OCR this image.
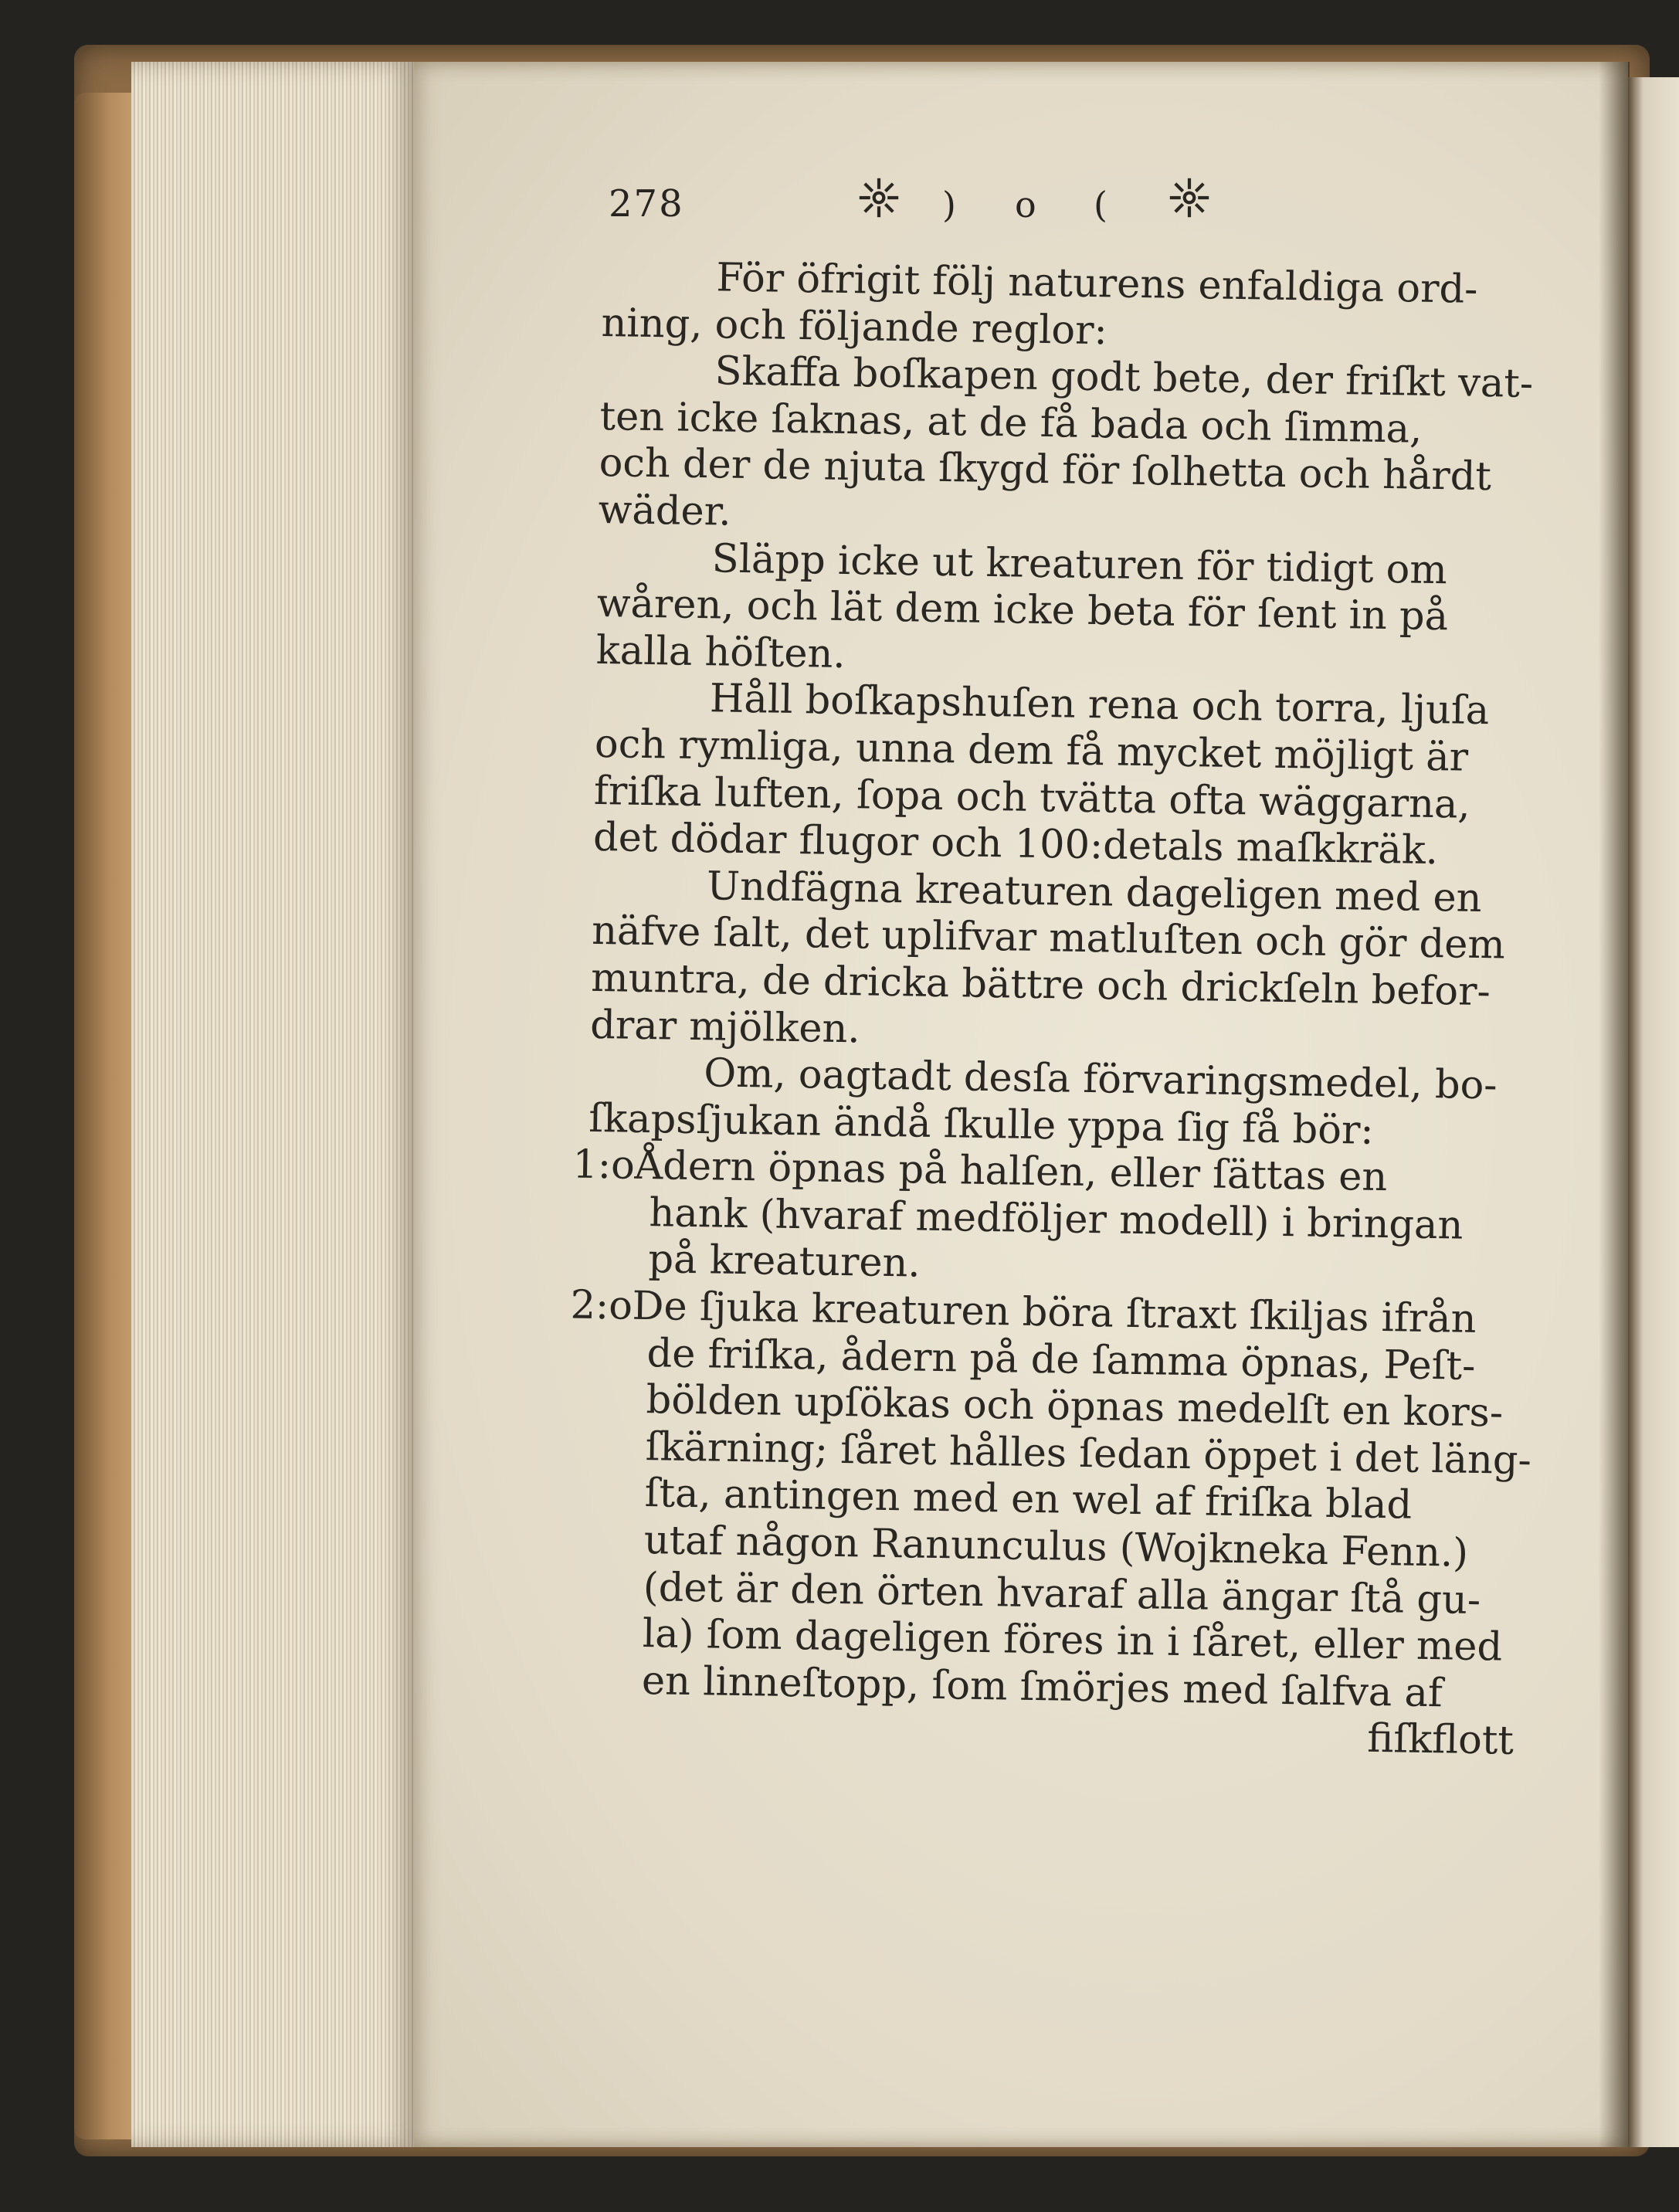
278	) o (
För öfrigit följ naturens enfaldiga ord-
ning, och följande reglor:
Skaffa boſkapen godt bete, der friſkt vat-
ten icke ſaknas, at de få bada och ſimma,
och der de njuta ſkygd för ſolhetta och hårdt
wäder.
Släpp icke ut kreaturen för tidigt om
wåren, och lät dem icke beta för ſent in på
kalla höſten.
Håll boſkapshuſen rena och torra, ljuſa
och rymliga, unna dem få mycket möjligt är
friſka luften, ſopa och tvätta ofta wäggarna,
det dödar flugor och 100:detals maſkkräk.
Undfägna kreaturen dageligen med en
näfve ſalt, det uplifvar matluſten och gör dem
muntra, de dricka bättre och drickſeln befor-
drar mjölken.
Om, oagtadt desſa förvaringsmedel, bo-
ſkapsſjukan ändå ſkulle yppa ſig få bör:
1:oÅdern öpnas på halſen, eller ſättas en
hank (hvaraf medföljer modell) i bringan
på kreaturen.
2:oDe ſjuka kreaturen böra ſtraxt ſkiljas ifrån
de friſka, ådern på de ſamma öpnas, Peſt-
bölden upſökas och öpnas medelſt en kors-
ſkärning; ſåret hålles ſedan öppet i det läng-
ſta, antingen med en wel af friſka blad
utaf någon Ranunculus (Wojkneka Fenn.)
(det är den örten hvaraf alla ängar ſtå gu-
la) ſom dageligen föres in i ſåret, eller med
en linneſtopp, ſom ſmörjes med ſalfva af
fiſkflott
